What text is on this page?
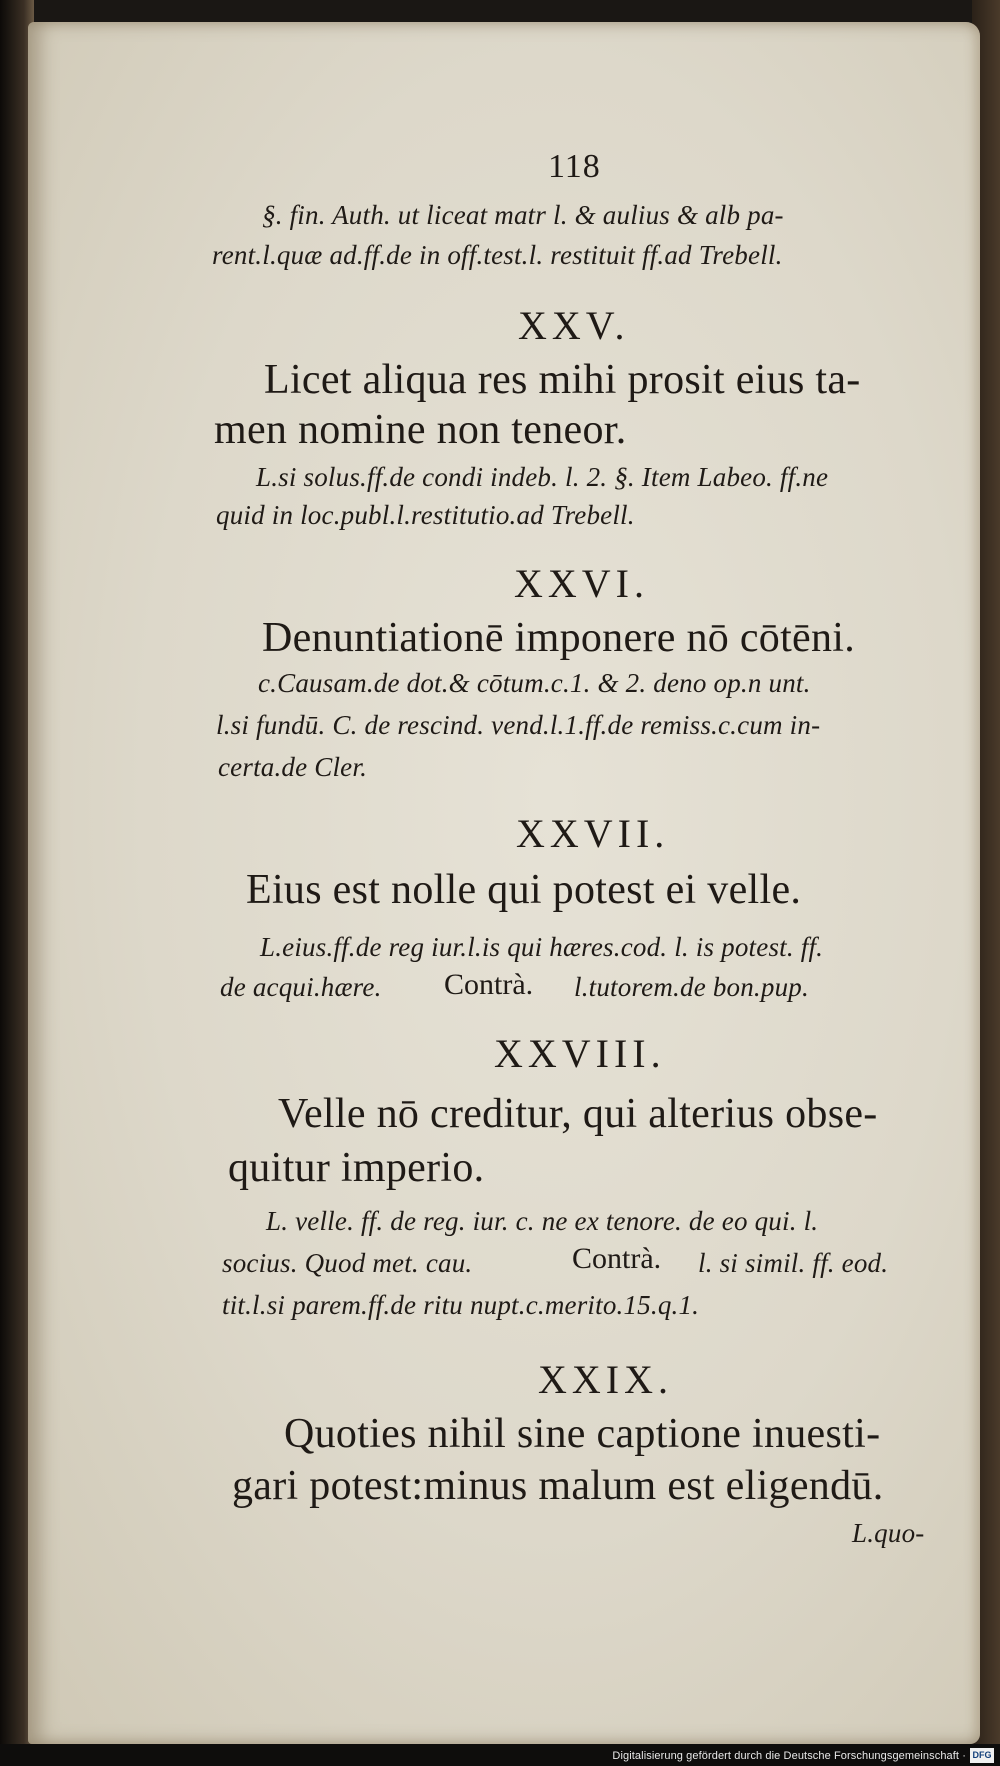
118
§. fin. Auth. ut liceat matr l. & aulius & alb pa-
rent.l.quæ ad.ff.de in off.test.l. restituit ff.ad Trebell.
XXV.
Licet aliqua res mihi prosit eius ta-
men nomine non teneor.
L.si solus.ff.de condi indeb. l. 2. §. Item Labeo. ff.ne
quid in loc.publ.l.restitutio.ad Trebell.
XXVI.
Denuntiationē imponere nō cōtēni.
c.Causam.de dot.& cōtum.c.1. & 2. deno op.n unt.
l.si fundū. C. de rescind. vend.l.1.ff.de remiss.c.cum in-
certa.de Cler.
XXVII.
Eius est nolle qui potest ei velle.
L.eius.ff.de reg iur.l.is qui hæres.cod. l. is potest. ff.
de acqui.hære. Contrà. l.tutorem.de bon.pup.
XXVIII.
Velle nō creditur, qui alterius obse-
quitur imperio.
L. velle. ff. de reg. iur. c. ne ex tenore. de eo qui. l.
socius. Quod met. cau.	Contrà. l. si simil. ff. eod.
tit.l.si parem.ff.de ritu nupt.c.merito.15.q.1.
XXIX.
Quoties nihil sine captione inuesti-
gari potest:minus malum est eligendū.
L.quo-
Digitalisierung gefördert durch die Deutsche Forschungsgemeinschaft · DFG
